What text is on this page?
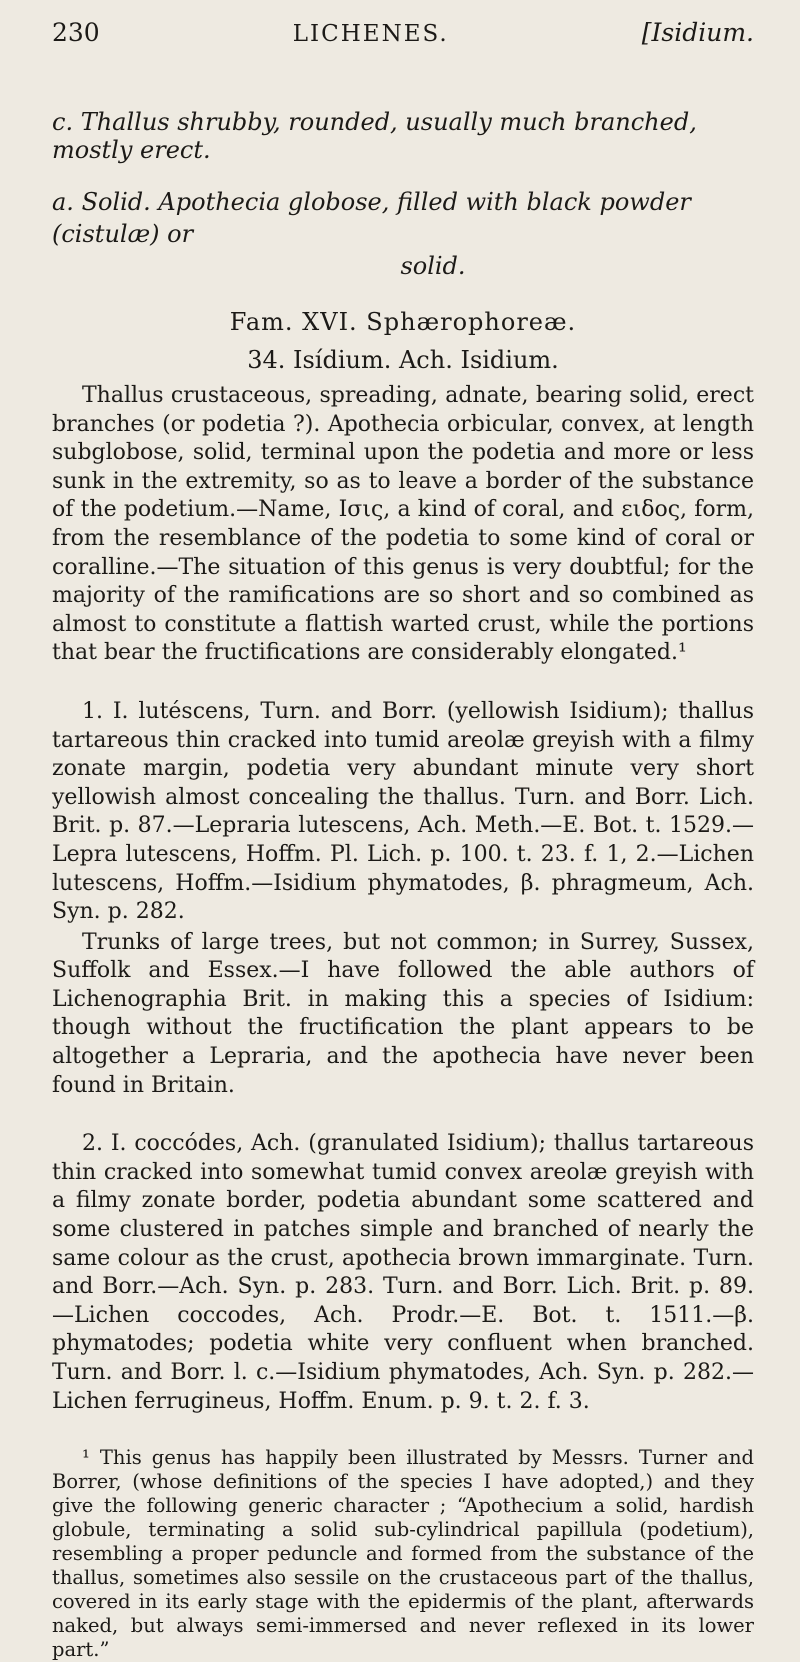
230	LICHENES.	[Isidium.

c. Thallus shrubby, rounded, usually much branched, mostly erect.

a. Solid. Apothecia globose, filled with black powder (cistulæ) or
solid.

Fam. XVI. Sphærophoreæ.

34. Isídium. Ach. Isidium.

Thallus crustaceous, spreading, adnate, bearing solid, erect branches (or podetia ?). Apothecia orbicular, convex, at length subglobose, solid, terminal upon the podetia and more or less sunk in the extremity, so as to leave a border of the substance of the podetium.—Name, Ισις, a kind of coral, and ειδος, form, from the resemblance of the podetia to some kind of coral or coralline.—The situation of this genus is very doubtful; for the majority of the ramifications are so short and so combined as almost to constitute a flattish warted crust, while the portions that bear the fructifications are considerably elongated.¹

1. I. lutéscens, Turn. and Borr. (yellowish Isidium); thallus tartareous thin cracked into tumid areolæ greyish with a filmy zonate margin, podetia very abundant minute very short yellowish almost concealing the thallus. Turn. and Borr. Lich. Brit. p. 87.—Lepraria lutescens, Ach. Meth.—E. Bot. t. 1529.—Lepra lutescens, Hoffm. Pl. Lich. p. 100. t. 23. f. 1, 2.—Lichen lutescens, Hoffm.—Isidium phymatodes, β. phragmeum, Ach. Syn. p. 282.

Trunks of large trees, but not common; in Surrey, Sussex, Suffolk and Essex.—I have followed the able authors of Lichenographia Brit. in making this a species of Isidium: though without the fructification the plant appears to be altogether a Lepraria, and the apothecia have never been found in Britain.

2. I. coccódes, Ach. (granulated Isidium); thallus tartareous thin cracked into somewhat tumid convex areolæ greyish with a filmy zonate border, podetia abundant some scattered and some clustered in patches simple and branched of nearly the same colour as the crust, apothecia brown immarginate. Turn. and Borr.—Ach. Syn. p. 283. Turn. and Borr. Lich. Brit. p. 89.—Lichen coccodes, Ach. Prodr.—E. Bot. t. 1511.—β. phymatodes; podetia white very confluent when branched. Turn. and Borr. l. c.—Isidium phymatodes, Ach. Syn. p. 282.—Lichen ferrugineus, Hoffm. Enum. p. 9. t. 2. f. 3.

¹ This genus has happily been illustrated by Messrs. Turner and Borrer, (whose definitions of the species I have adopted,) and they give the following generic character ; “Apothecium a solid, hardish globule, terminating a solid sub-cylindrical papillula (podetium), resembling a proper peduncle and formed from the substance of the thallus, sometimes also sessile on the crustaceous part of the thallus, covered in its early stage with the epidermis of the plant, afterwards naked, but always semi-immersed and never reflexed in its lower part.”
